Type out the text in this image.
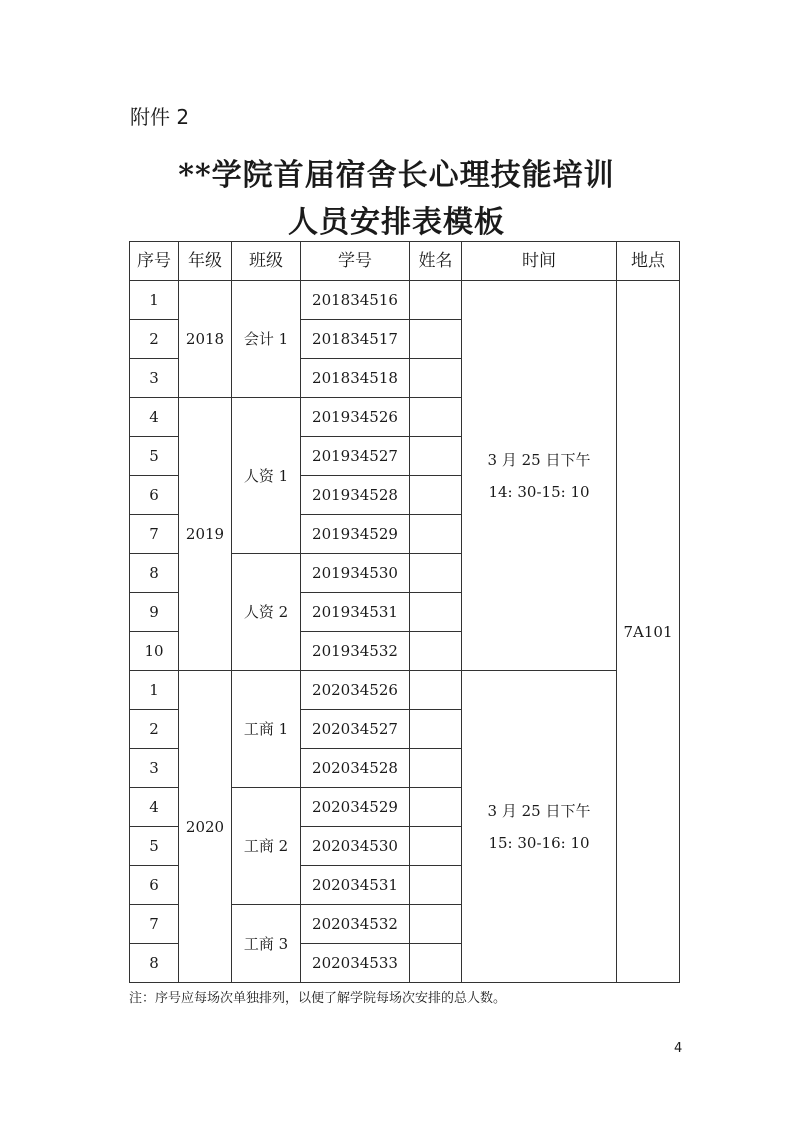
附件 2
**学院首届宿舍长心理技能培训
人员安排表模板
序号	年级	班级	学号	姓名	时间	地点
1	2018	会计 1	201834516		3 月 25 日下午
14: 30-15: 10	7A101
2			201834517			
3			201834518			
4	2019	人资 1	201934526			
5			201934527			
6			201934528			
7			201934529			
8		人资 2	201934530			
9			201934531			
10			201934532			
1	2020	工商 1	202034526		3 月 25 日下午
15: 30-16: 10	

2			202034527			
3			202034528			
4		工商 2	202034529			
5			202034530			
6			202034531			
7		工商 3	202034532			
8			202034533			
注：序号应每场次单独排列，以便了解学院每场次安排的总人数。
4
